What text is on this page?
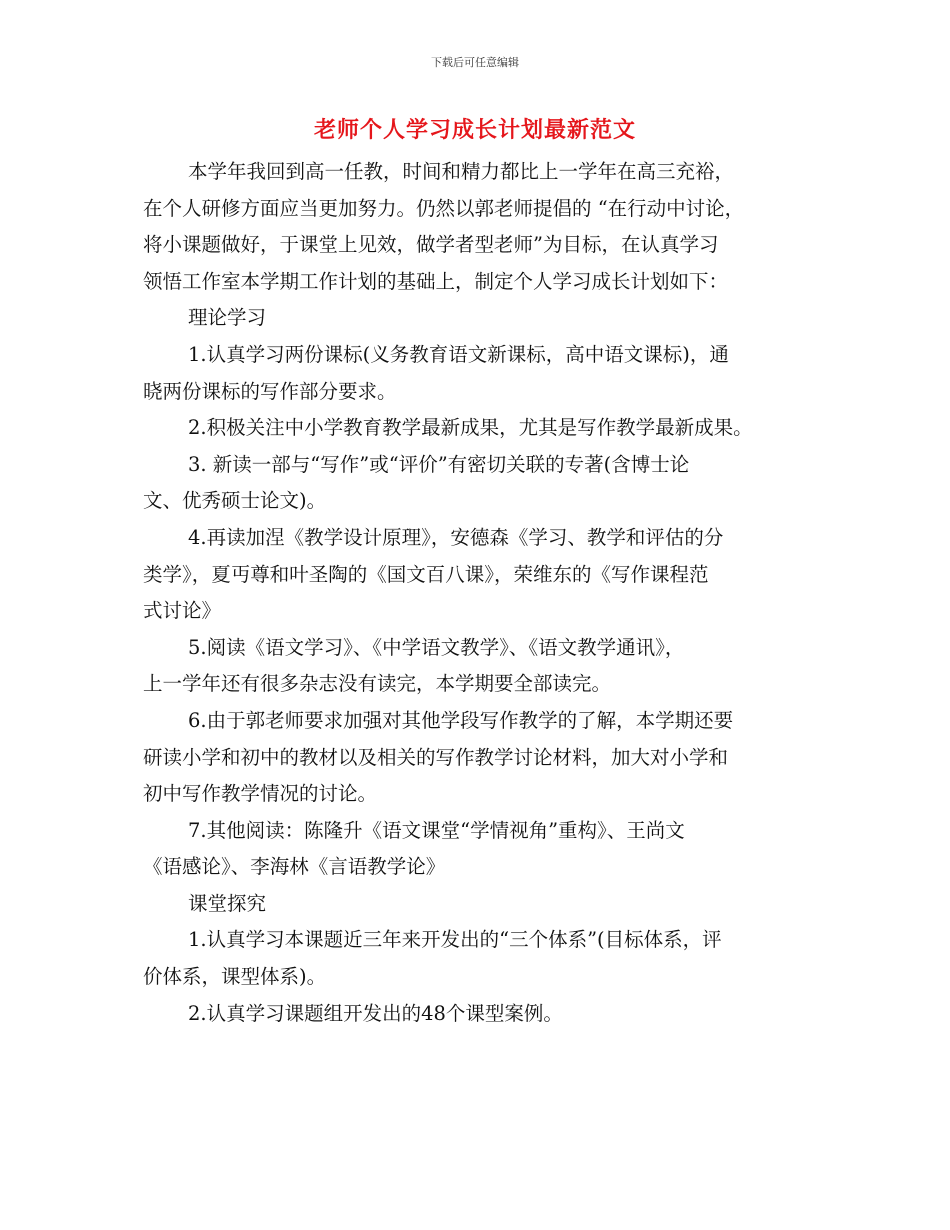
下载后可任意编辑
老师个人学习成长计划最新范文
本学年我回到高一任教，时间和精力都比上一学年在高三充裕，
在个人研修方面应当更加努力。仍然以郭老师提倡的 “在行动中讨论，
将小课题做好，于课堂上见效，做学者型老师”为目标，在认真学习
领悟工作室本学期工作计划的基础上，制定个人学习成长计划如下：
理论学习
1.认真学习两份课标(义务教育语文新课标，高中语文课标)，通
晓两份课标的写作部分要求。
2.积极关注中小学教育教学最新成果，尤其是写作教学最新成果。
3. 新读一部与“写作”或“评价”有密切关联的专著(含博士论
文、优秀硕士论文)。
4.再读加涅《教学设计原理》，安德森《学习、教学和评估的分
类学》，夏丏尊和叶圣陶的《国文百八课》，荣维东的《写作课程范
式讨论》
5.阅读《语文学习》、《中学语文教学》、《语文教学通讯》，
上一学年还有很多杂志没有读完，本学期要全部读完。
6.由于郭老师要求加强对其他学段写作教学的了解，本学期还要
研读小学和初中的教材以及相关的写作教学讨论材料，加大对小学和
初中写作教学情况的讨论。
7.其他阅读：陈隆升《语文课堂“学情视角”重构》、王尚文
《语感论》、李海林《言语教学论》
课堂探究
1.认真学习本课题近三年来开发出的“三个体系”(目标体系，评
价体系，课型体系)。
2.认真学习课题组开发出的48个课型案例。
